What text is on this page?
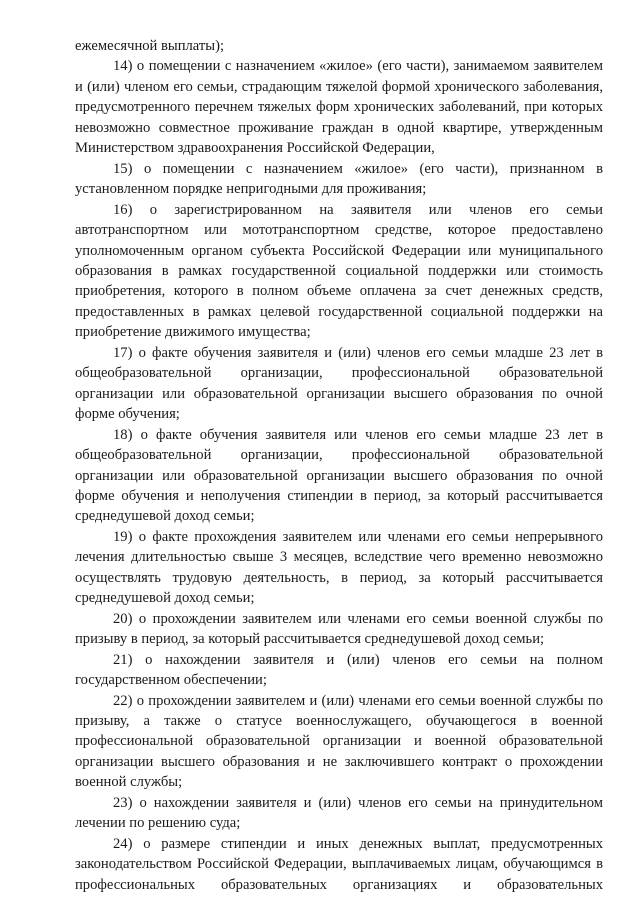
ежемесячной выплаты);

14) о помещении с назначением «жилое» (его части), занимаемом заявителем и (или) членом его семьи, страдающим тяжелой формой хронического заболевания, предусмотренного перечнем тяжелых форм хронических заболеваний, при которых невозможно совместное проживание граждан в одной квартире, утвержденным Министерством здравоохранения Российской Федерации,

15) о помещении с назначением «жилое» (его части), признанном в установленном порядке непригодными для проживания;

16) о зарегистрированном на заявителя или членов его семьи автотранспортном или мототранспортном средстве, которое предоставлено уполномоченным органом субъекта Российской Федерации или муниципального образования в рамках государственной социальной поддержки или стоимость приобретения, которого в полном объеме оплачена за счет денежных средств, предоставленных в рамках целевой государственной социальной поддержки на приобретение движимого имущества;

17) о факте обучения заявителя и (или) членов его семьи младше 23 лет в общеобразовательной организации, профессиональной образовательной организации или образовательной организации высшего образования по очной форме обучения;

18) о факте обучения заявителя или членов его семьи младше 23 лет в общеобразовательной организации, профессиональной образовательной организации или образовательной организации высшего образования по очной форме обучения и неполучения стипендии в период, за который рассчитывается среднедушевой доход семьи;

19) о факте прохождения заявителем или членами его семьи непрерывного лечения длительностью свыше 3 месяцев, вследствие чего временно невозможно осуществлять трудовую деятельность, в период, за который рассчитывается среднедушевой доход семьи;

20) о прохождении заявителем или членами его семьи военной службы по призыву в период, за который рассчитывается среднедушевой доход семьи;

21) о нахождении заявителя и (или) членов его семьи на полном государственном обеспечении;

22) о прохождении заявителем и (или) членами его семьи военной службы по призыву, а также о статусе военнослужащего, обучающегося в военной профессиональной образовательной организации и военной образовательной организации высшего образования и не заключившего контракт о прохождении военной службы;

23) о нахождении заявителя и (или) членов его семьи на принудительном лечении по решению суда;

24) о размере стипендии и иных денежных выплат, предусмотренных законодательством Российской Федерации, выплачиваемых лицам, обучающимся в профессиональных образовательных организациях и образовательных
